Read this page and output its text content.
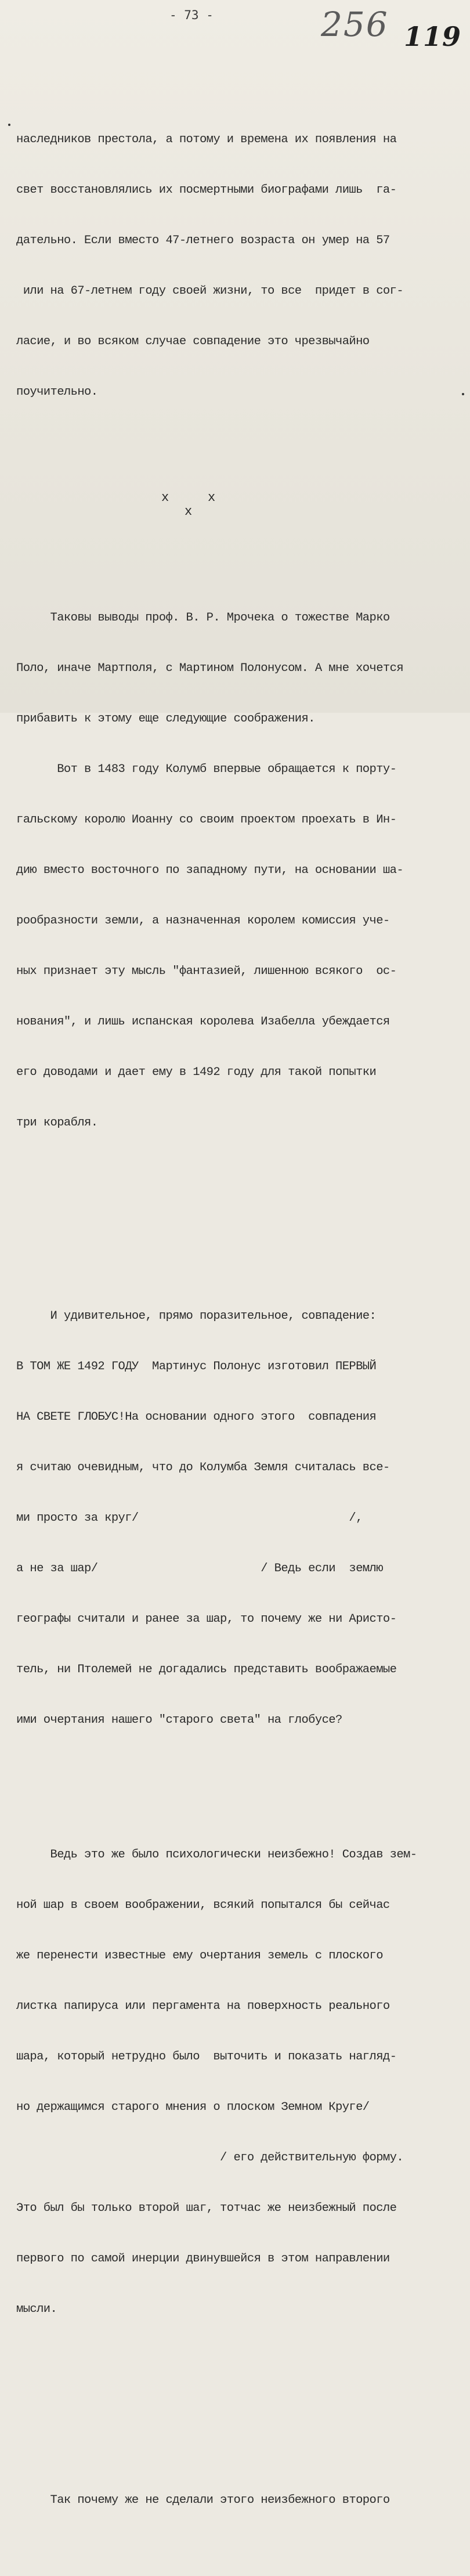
- 73 -	256 119

наследников престола, а потому и времена их появления на

свет восстановлялись их посмертными биографами лишь  га-

дательно. Если вместо 47-летнего возраста он умер на 57

или на 67-летнем году своей жизни, то все  придет в сог-

ласие, и во всяком случае совпадение это чрезвычайно

поучительно.

x

	x

x

Таковы выводы проф. В. Р. Мрочека о тожестве Марко

Поло, иначе Мартполя, с Мартином Полонусом. А мне хочется

прибавить к этому еще следующие соображения.

Вот в 1483 году Колумб впервые обращается к порту-

гальскому королю Иоанну со своим проектом проехать в Ин-

дию вместо восточного по западному пути, на основании ша-

рообразности земли, а назначенная королем комиссия уче-

ных признает эту мысль "фантазией, лишенною всякого  ос-

нования", и лишь испанская королева Изабелла убеждается

его доводами и дает ему в 1492 году для такой попытки

три корабля.

И удивительное, прямо поразительное, совпадение:

В ТОМ ЖЕ 1492 ГОДУ  Мартинус Полонус изготовил ПЕРВЫЙ

НА СВЕТЕ ГЛОБУС!На основании одного этого  совпадения

я считаю очевидным, что до Колумба Земля считалась все-

ми просто за круг/                               /,

а не за шар/                        / Ведь если  землю

географы считали и ранее за шар, то почему же ни Аристо-

тель, ни Птолемей не догадались представить воображаемые

ими очертания нашего "старого света" на глобусе?

Ведь это же было психологически неизбежно! Создав зем-

ной шар в своем воображении, всякий попытался бы сейчас

же перенести известные ему очертания земель с плоского

листка папируса или пергамента на поверхность реального

шара, который нетрудно было  выточить и показать нагляд-

но держащимся старого мнения о плоском Земном Круге/

/ его действительную форму.

Это был бы только второй шаг, тотчас же неизбежный после

первого по самой инерции двинувшейся в этом направлении

мысли.

Так почему же не сделали этого неизбежного второго
